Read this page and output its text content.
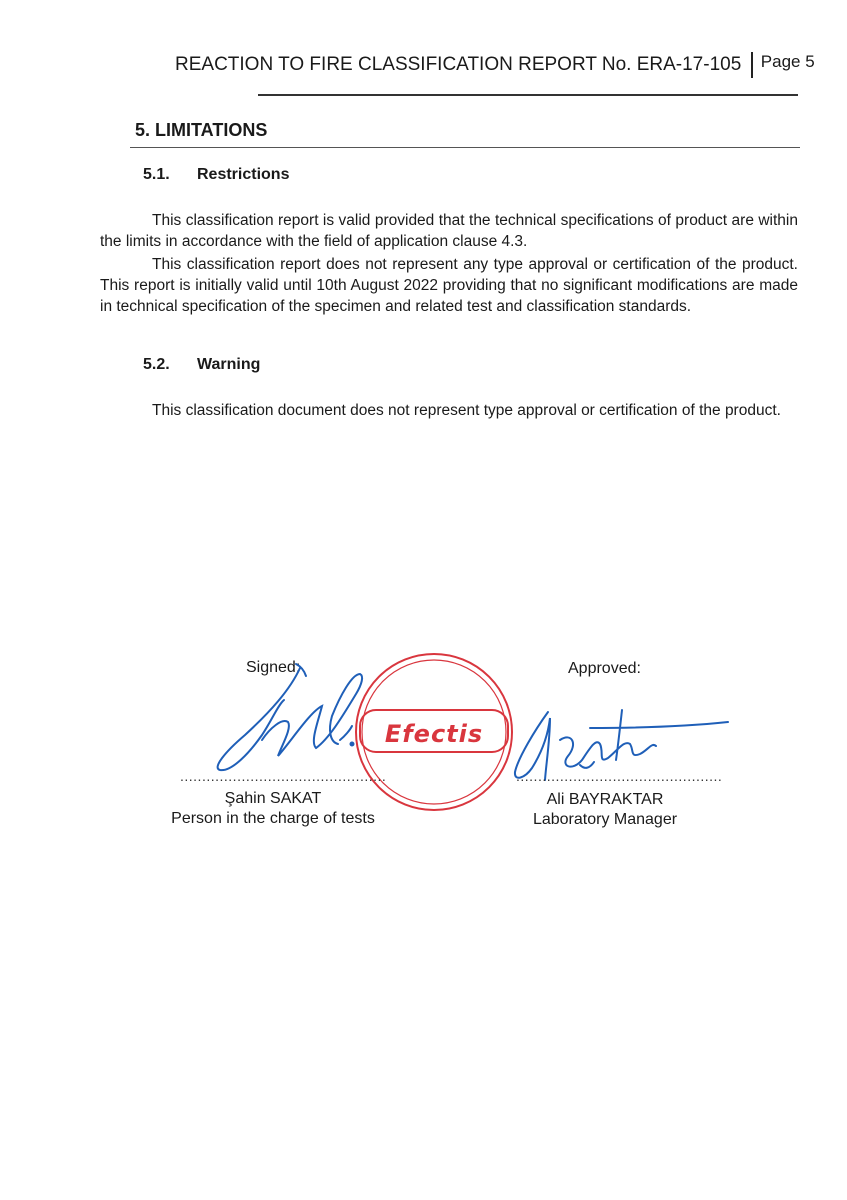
REACTION TO FIRE CLASSIFICATION REPORT No. ERA-17-105 Page 5
5. LIMITATIONS
5.1. Restrictions

This classification report is valid provided that the technical specifications of product are within the limits in accordance with the field of application clause 4.3.

This classification report does not represent any type approval or certification of the product. This report is initially valid until 10th August 2022 providing that no significant modifications are made in technical specification of the specimen and related test and classification standards.

5.2. Warning

This classification document does not represent type approval or certification of the product.

Signed:	Approved:
Efectis
...............................................	...............................................
Şahin SAKAT
Person in the charge of tests
Ali BAYRAKTAR
Laboratory Manager
